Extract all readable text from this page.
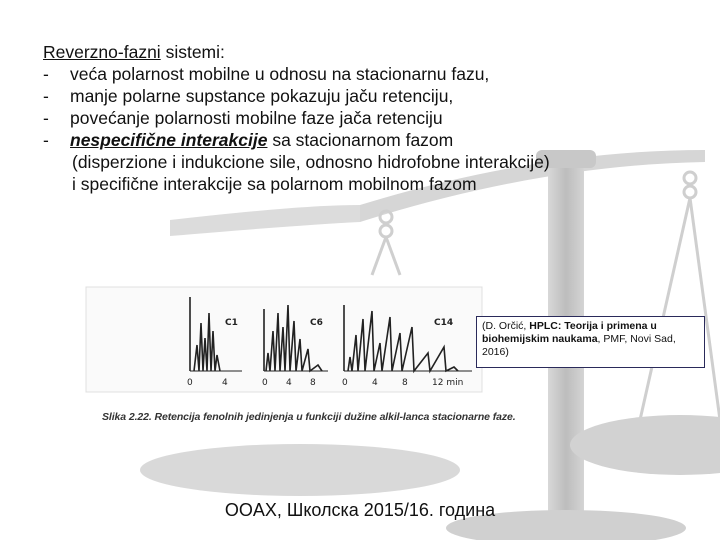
Reverzno-fazni sistemi:
- veća polarnost mobilne u odnosu na stacionarnu fazu,
- manje polarne supstance pokazuju jaču retenciju,
- povećanje polarnosti mobilne faze jača retenciju
- nespecifične interakcije sa stacionarnom fazom
(disperzione i indukcione sile, odnosno hidrofobne interakcije)
i specifične interakcije sa polarnom mobilnom fazom
C1	C6	C14
0	4	0 4 8	0	4	8	12 min
Slika 2.22. Retencija fenolnih jedinjenja u funkciji dužine alkil-lanca stacionarne faze.
(D. Orčić, HPLC: Teorija i primena u biohemijskim naukama, PMF, Novi Sad, 2016)
OOAX, Школска 2015/16. година
